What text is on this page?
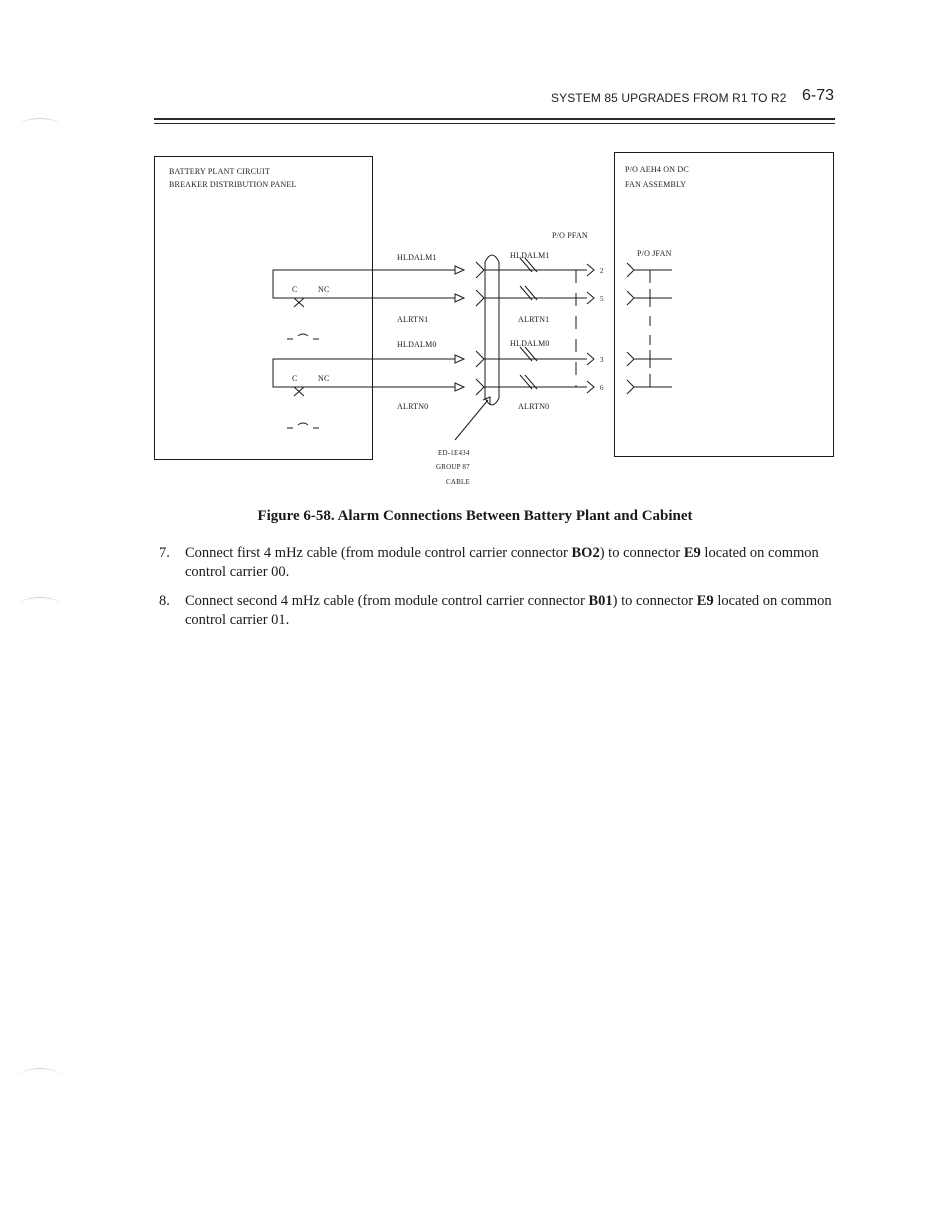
SYSTEM 85 UPGRADES FROM R1 TO R2 6-73
BATTERY PLANT CIRCUIT
BREAKER DISTRIBUTION PANEL
P/O AEH4 ON DC
FAN ASSEMBLY
P/O PFAN
P/O JFAN
C	NC
C	NC
HLDALM1
ALRTN1
HLDALM0
ALRTN0
HLDALM1
ALRTN1
HLDALM0
ALRTN0
2
5
3
6
ED-1E434
GROUP 87
CABLE
Figure 6-58. Alarm Connections Between Battery Plant and Cabinet
7. Connect first 4 mHz cable (from module control carrier connector BO2) to connector E9 located on common control carrier 00.
8. Connect second 4 mHz cable (from module control carrier connector B01) to connector E9 located on common control carrier 01.
